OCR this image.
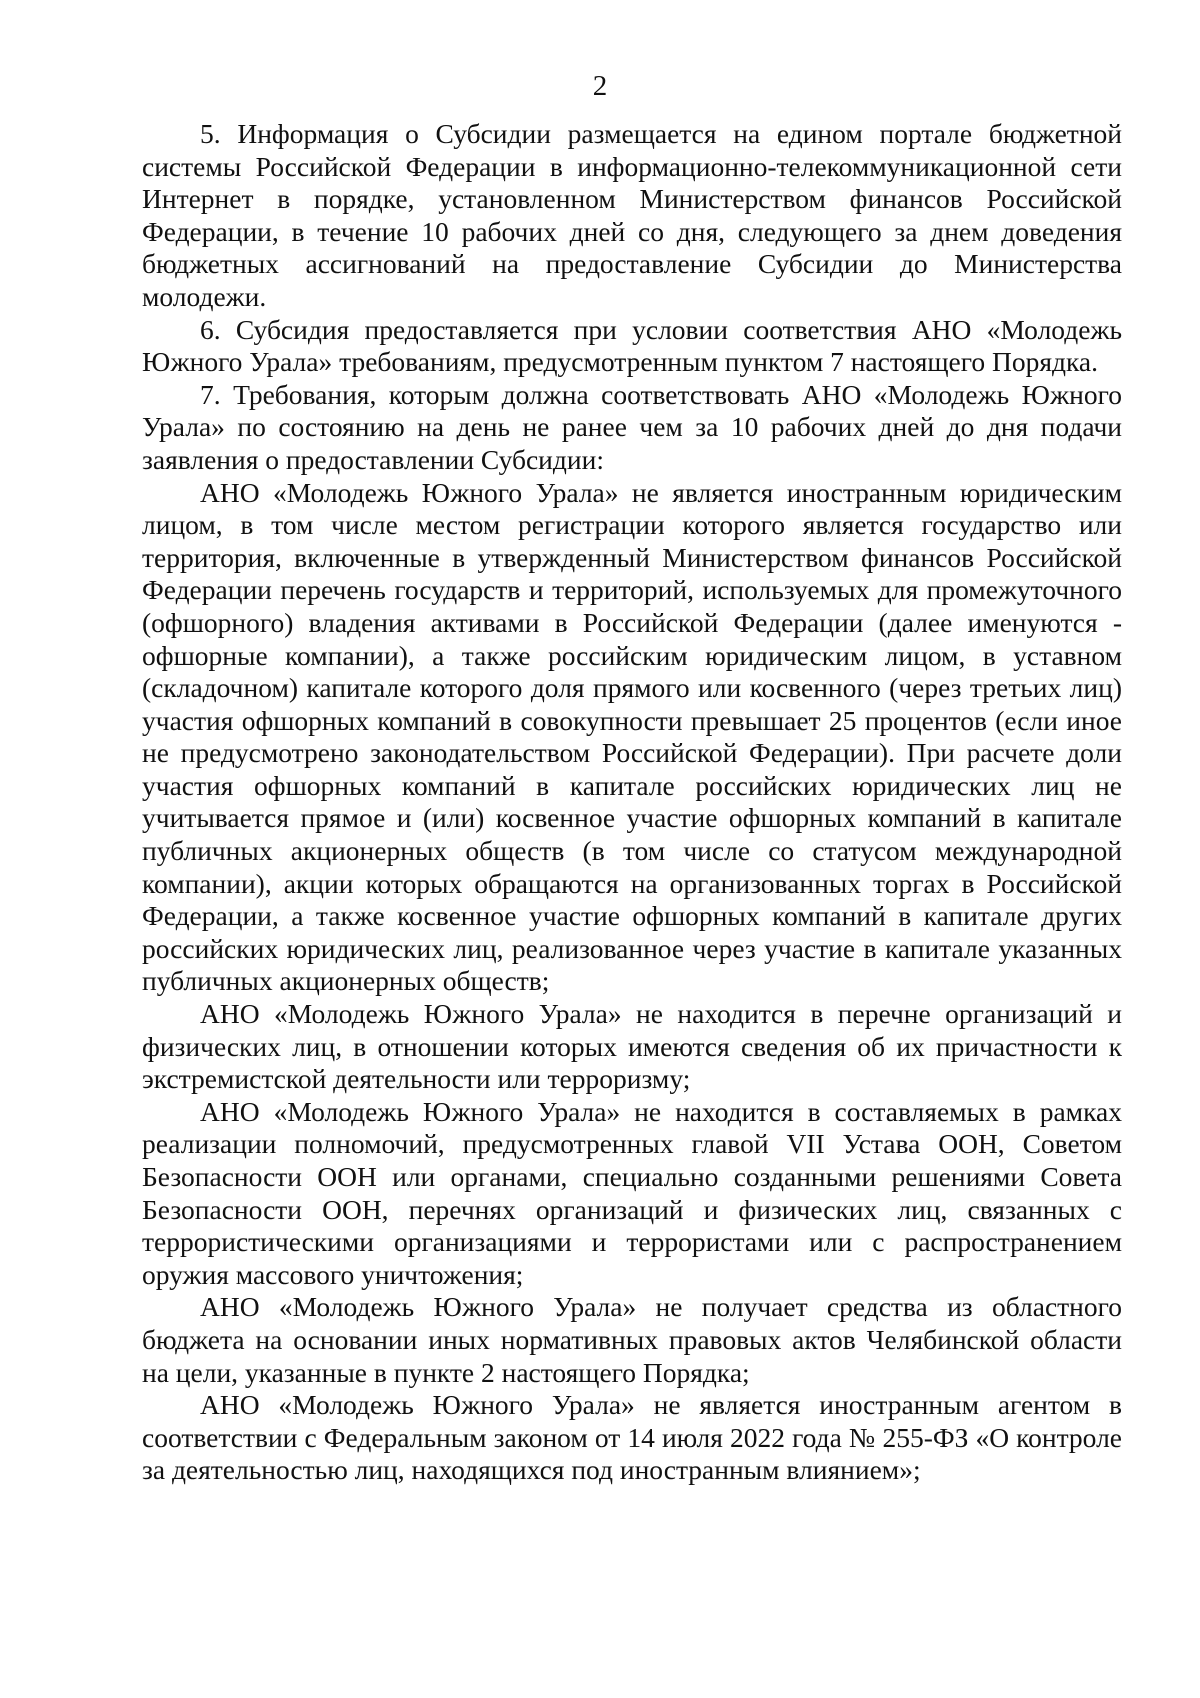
2

5. Информация о Субсидии размещается на едином портале бюджетной системы Российской Федерации в информационно-телекоммуникационной сети Интернет в порядке, установленном Министерством финансов Российской Федерации, в течение 10 рабочих дней со дня, следующего за днем доведения бюджетных ассигнований на предоставление Субсидии до Министерства молодежи.

6. Субсидия предоставляется при условии соответствия АНО «Молодежь Южного Урала» требованиям, предусмотренным пунктом 7 настоящего Порядка.

7. Требования, которым должна соответствовать АНО «Молодежь Южного Урала» по состоянию на день не ранее чем за 10 рабочих дней до дня подачи заявления о предоставлении Субсидии:

АНО «Молодежь Южного Урала» не является иностранным юридическим лицом, в том числе местом регистрации которого является государство или территория, включенные в утвержденный Министерством финансов Российской Федерации перечень государств и территорий, используемых для промежуточного (офшорного) владения активами в Российской Федерации (далее именуются - офшорные компании), а также российским юридическим лицом, в уставном (складочном) капитале которого доля прямого или косвенного (через третьих лиц) участия офшорных компаний в совокупности превышает 25 процентов (если иное не предусмотрено законодательством Российской Федерации). При расчете доли участия офшорных компаний в капитале российских юридических лиц не учитывается прямое и (или) косвенное участие офшорных компаний в капитале публичных акционерных обществ (в том числе со статусом международной компании), акции которых обращаются на организованных торгах в Российской Федерации, а также косвенное участие офшорных компаний в капитале других российских юридических лиц, реализованное через участие в капитале указанных публичных акционерных обществ;

АНО «Молодежь Южного Урала» не находится в перечне организаций и физических лиц, в отношении которых имеются сведения об их причастности к экстремистской деятельности или терроризму;

АНО «Молодежь Южного Урала» не находится в составляемых в рамках реализации полномочий, предусмотренных главой VII Устава ООН, Советом Безопасности ООН или органами, специально созданными решениями Совета Безопасности ООН, перечнях организаций и физических лиц, связанных с террористическими организациями и террористами или с распространением оружия массового уничтожения;

АНО «Молодежь Южного Урала» не получает средства из областного бюджета на основании иных нормативных правовых актов Челябинской области на цели, указанные в пункте 2 настоящего Порядка;

АНО «Молодежь Южного Урала» не является иностранным агентом в соответствии с Федеральным законом от 14 июля 2022 года № 255-ФЗ «О контроле за деятельностью лиц, находящихся под иностранным влиянием»;
